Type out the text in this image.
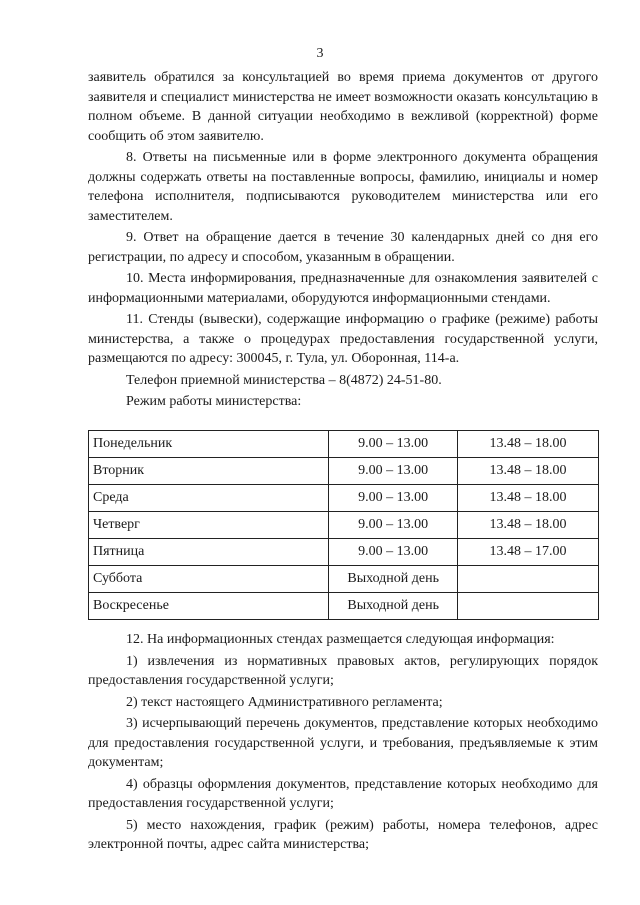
3

заявитель обратился за консультацией во время приема документов от другого заявителя и специалист министерства не имеет возможности оказать консультацию в полном объеме. В данной ситуации необходимо в вежливой (корректной) форме сообщить об этом заявителю.

8. Ответы на письменные или в форме электронного документа обращения должны содержать ответы на поставленные вопросы, фамилию, инициалы и номер телефона исполнителя, подписываются руководителем министерства или его заместителем.

9. Ответ на обращение дается в течение 30 календарных дней со дня его регистрации, по адресу и способом, указанным в обращении.

10. Места информирования, предназначенные для ознакомления заявителей с информационными материалами, оборудуются информационными стендами.

11. Стенды (вывески), содержащие информацию о графике (режиме) работы министерства, а также о процедурах предоставления государственной услуги, размещаются по адресу: 300045, г. Тула, ул. Оборонная, 114-а.

Телефон приемной министерства – 8(4872) 24-51-80.

Режим работы министерства:

Понедельник	9.00 – 13.00	13.48 – 18.00
Вторник	9.00 – 13.00	13.48 – 18.00
Среда	9.00 – 13.00	13.48 – 18.00
Четверг	9.00 – 13.00	13.48 – 18.00
Пятница	9.00 – 13.00	13.48 – 17.00
Суббота	Выходной день	
Воскресенье	Выходной день	

12. На информационных стендах размещается следующая информация:

1) извлечения из нормативных правовых актов, регулирующих порядок предоставления государственной услуги;

2) текст настоящего Административного регламента;

3) исчерпывающий перечень документов, представление которых необходимо для предоставления государственной услуги, и требования, предъявляемые к этим документам;

4) образцы оформления документов, представление которых необходимо для предоставления государственной услуги;

5) место нахождения, график (режим) работы, номера телефонов, адрес электронной почты, адрес сайта министерства;
